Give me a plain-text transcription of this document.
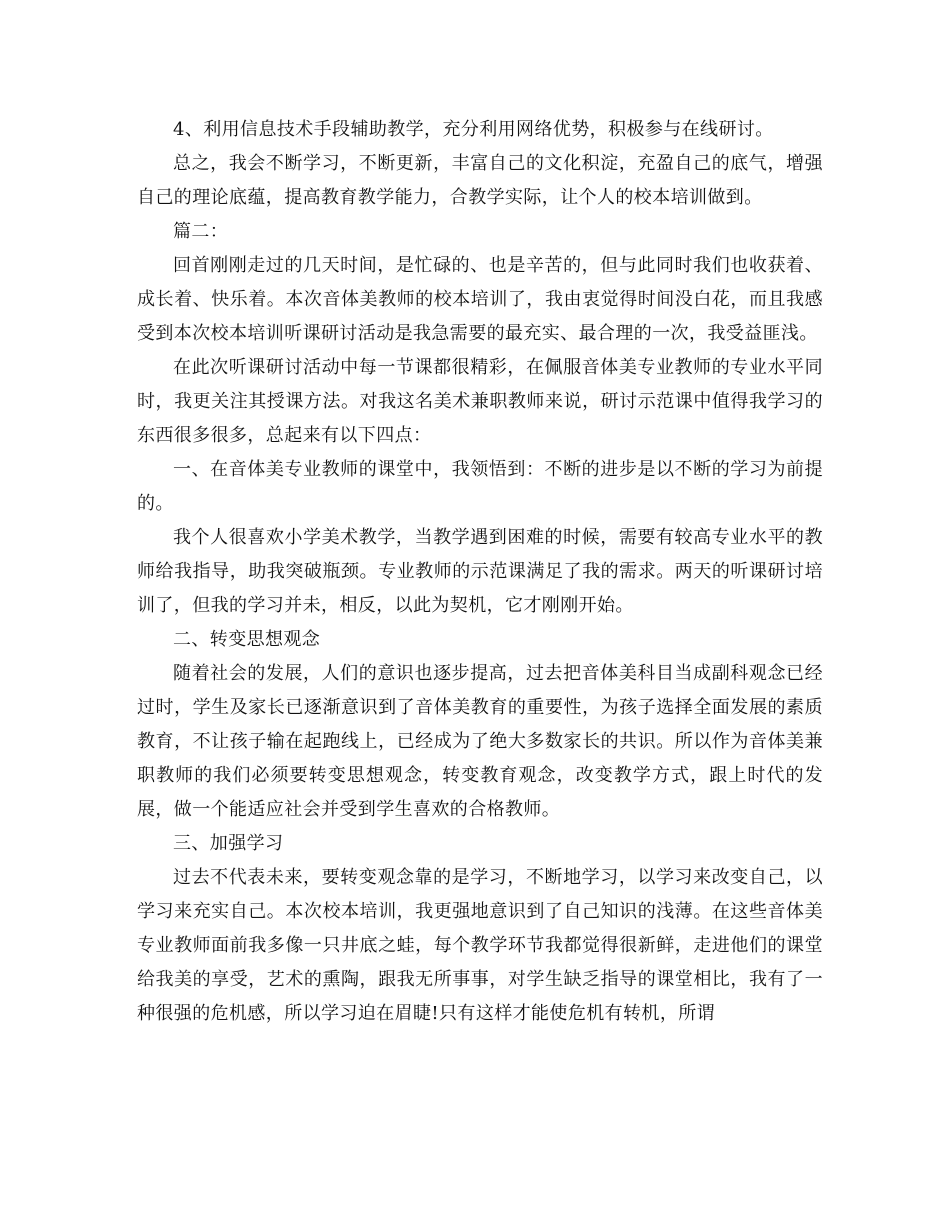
4、利用信息技术手段辅助教学，充分利用网络优势，积极参与在线研讨。

总之，我会不断学习，不断更新，丰富自己的文化积淀，充盈自己的底气，增强自己的理论底蕴，提高教育教学能力，合教学实际，让个人的校本培训做到。

篇二：

回首刚刚走过的几天时间，是忙碌的、也是辛苦的，但与此同时我们也收获着、成长着、快乐着。本次音体美教师的校本培训了，我由衷觉得时间没白花，而且我感受到本次校本培训听课研讨活动是我急需要的最充实、最合理的一次，我受益匪浅。

在此次听课研讨活动中每一节课都很精彩，在佩服音体美专业教师的专业水平同时，我更关注其授课方法。对我这名美术兼职教师来说，研讨示范课中值得我学习的东西很多很多，总起来有以下四点：

一、在音体美专业教师的课堂中，我领悟到：不断的进步是以不断的学习为前提的。

我个人很喜欢小学美术教学，当教学遇到困难的时候，需要有较高专业水平的教师给我指导，助我突破瓶颈。专业教师的示范课满足了我的需求。两天的听课研讨培训了，但我的学习并未，相反，以此为契机，它才刚刚开始。

二、转变思想观念

随着社会的发展，人们的意识也逐步提高，过去把音体美科目当成副科观念已经过时，学生及家长已逐渐意识到了音体美教育的重要性，为孩子选择全面发展的素质教育，不让孩子输在起跑线上，已经成为了绝大多数家长的共识。所以作为音体美兼职教师的我们必须要转变思想观念，转变教育观念，改变教学方式，跟上时代的发展，做一个能适应社会并受到学生喜欢的合格教师。

三、加强学习

过去不代表未来，要转变观念靠的是学习，不断地学习，以学习来改变自己，以学习来充实自己。本次校本培训，我更强地意识到了自己知识的浅薄。在这些音体美专业教师面前我多像一只井底之蛙，每个教学环节我都觉得很新鲜，走进他们的课堂给我美的享受，艺术的熏陶，跟我无所事事，对学生缺乏指导的课堂相比，我有了一种很强的危机感，所以学习迫在眉睫!只有这样才能使危机有转机，所谓
